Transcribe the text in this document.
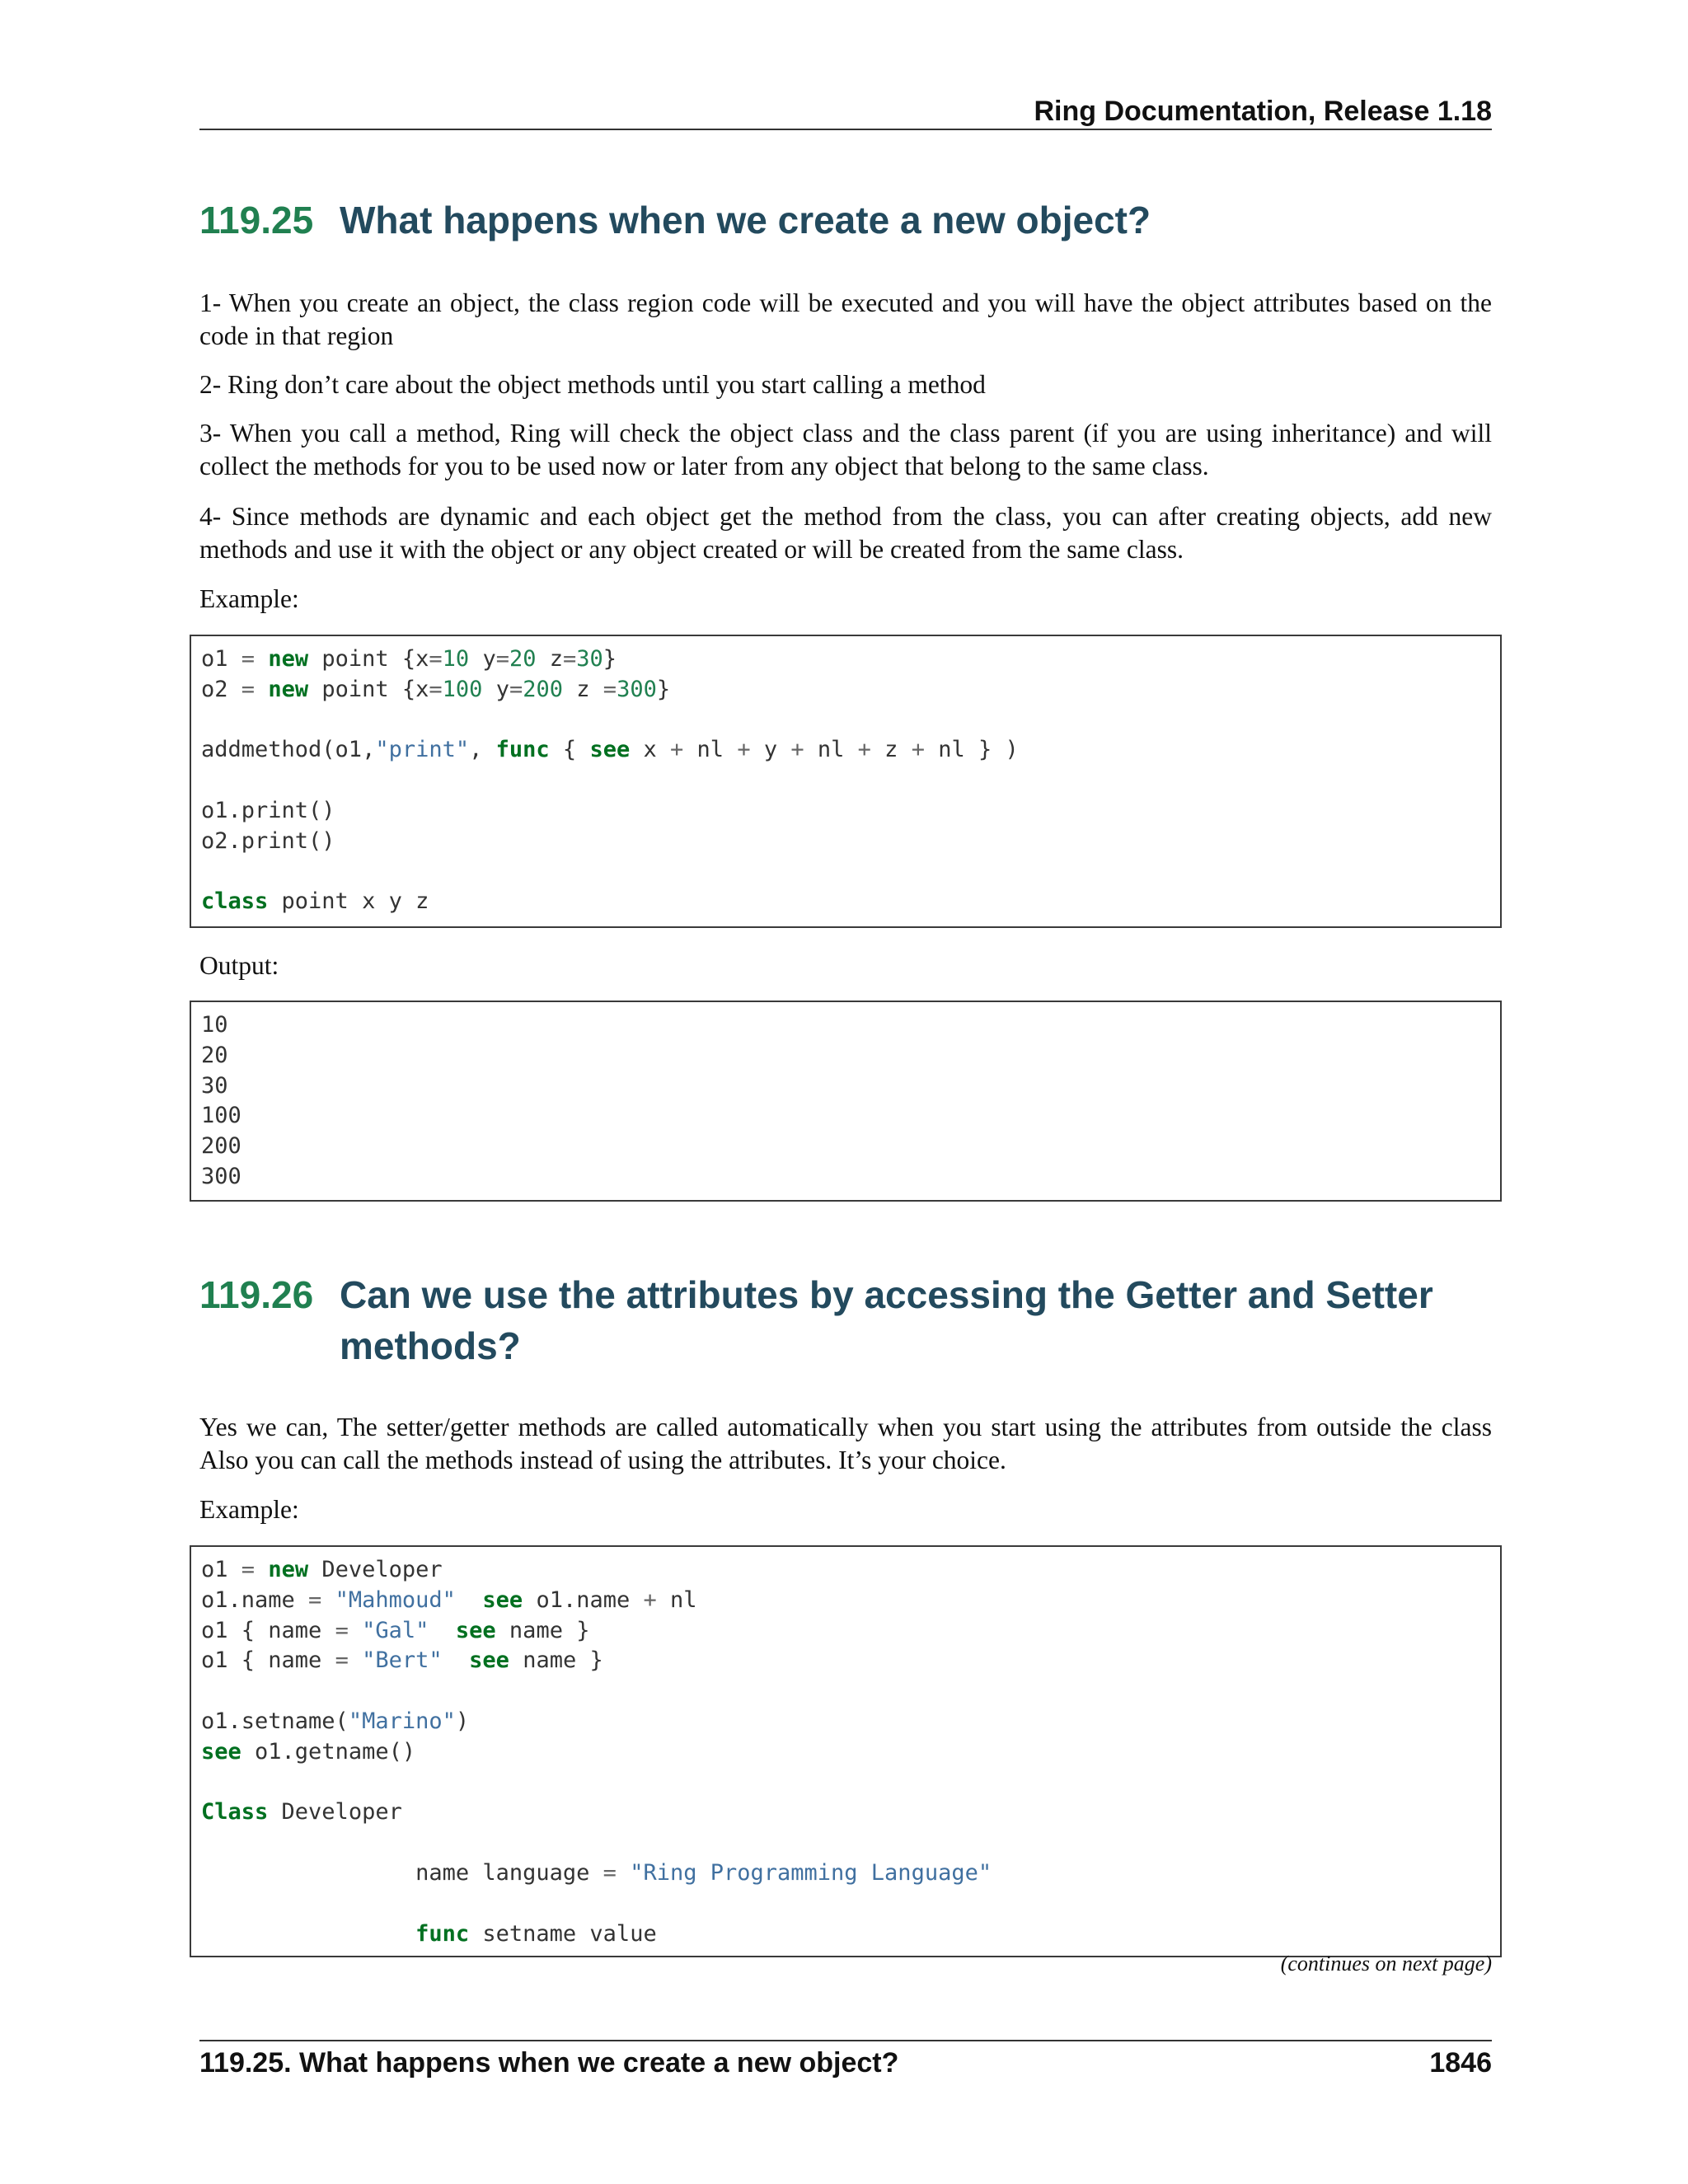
Ring Documentation, Release 1.18
119.25 What happens when we create a new object?

1- When you create an object, the class region code will be executed and you will have the object attributes based on the code in that region

2- Ring don’t care about the object methods until you start calling a method

3- When you call a method, Ring will check the object class and the class parent (if you are using inheritance) and will collect the methods for you to be used now or later from any object that belong to the same class.

4- Since methods are dynamic and each object get the method from the class, you can after creating objects, add new methods and use it with the object or any object created or will be created from the same class.

Example:

o1 = new point {x=10 y=20 z=30}
o2 = new point {x=100 y=200 z =300}

addmethod(o1,"print", func { see x + nl + y + nl + z + nl } )

o1.print()
o2.print()

class point x y z

Output:

10
20
30
100
200
300
119.26 Can we use the attributes by accessing the Getter and Setter methods?

Yes we can, The setter/getter methods are called automatically when you start using the attributes from outside the class Also you can call the methods instead of using the attributes. It’s your choice.

Example:

o1 = new Developer
o1.name = "Mahmoud" see o1.name + nl
o1 { name = "Gal" see name }
o1 { name = "Bert" see name }

o1.setname("Marino")
see o1.getname()

Class Developer

name language = "Ring Programming Language"

func setname value
(continues on next page)
119.25. What happens when we create a new object?	1846
